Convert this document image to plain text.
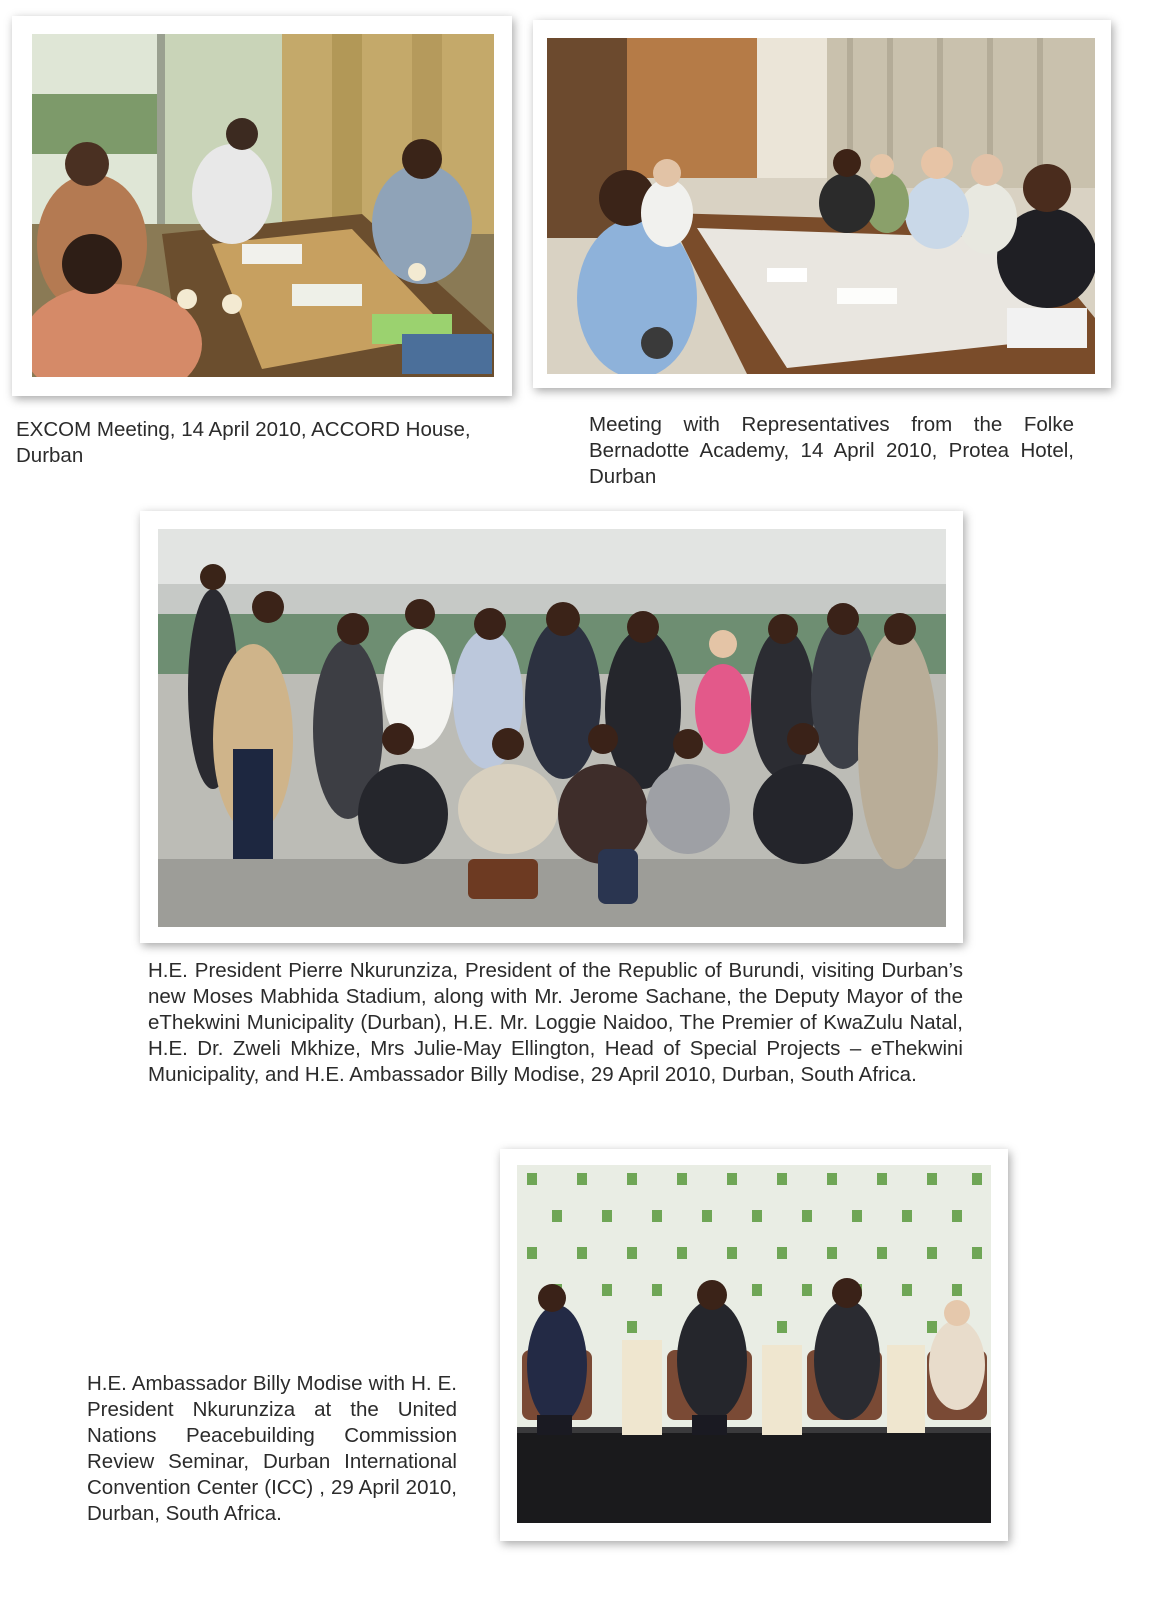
EXCOM Meeting, 14 April 2010, ACCORD House, Durban
Meeting with Representatives from the Folke Bernadotte Academy, 14 April 2010, Protea Hotel, Durban
H.E. President Pierre Nkurunziza, President of the Republic of Burundi, visiting Durban’s new Moses Mabhida Stadium, along with Mr. Jerome Sachane, the Deputy Mayor of the eThekwini Municipality (Durban), H.E. Mr. Loggie Naidoo, The Premier of KwaZulu Natal, H.E. Dr. Zweli Mkhize, Mrs Julie-May Ellington, Head of Special Projects – eThekwini Municipality, and H.E. Ambassador Billy Modise, 29 April 2010, Durban, South Africa.
H.E. Ambassador Billy Modise with H. E. President Nkurunziza at the United Nations Peacebuilding Commission Review Seminar, Durban International Convention Center (ICC) , 29 April 2010, Durban, South Africa.
